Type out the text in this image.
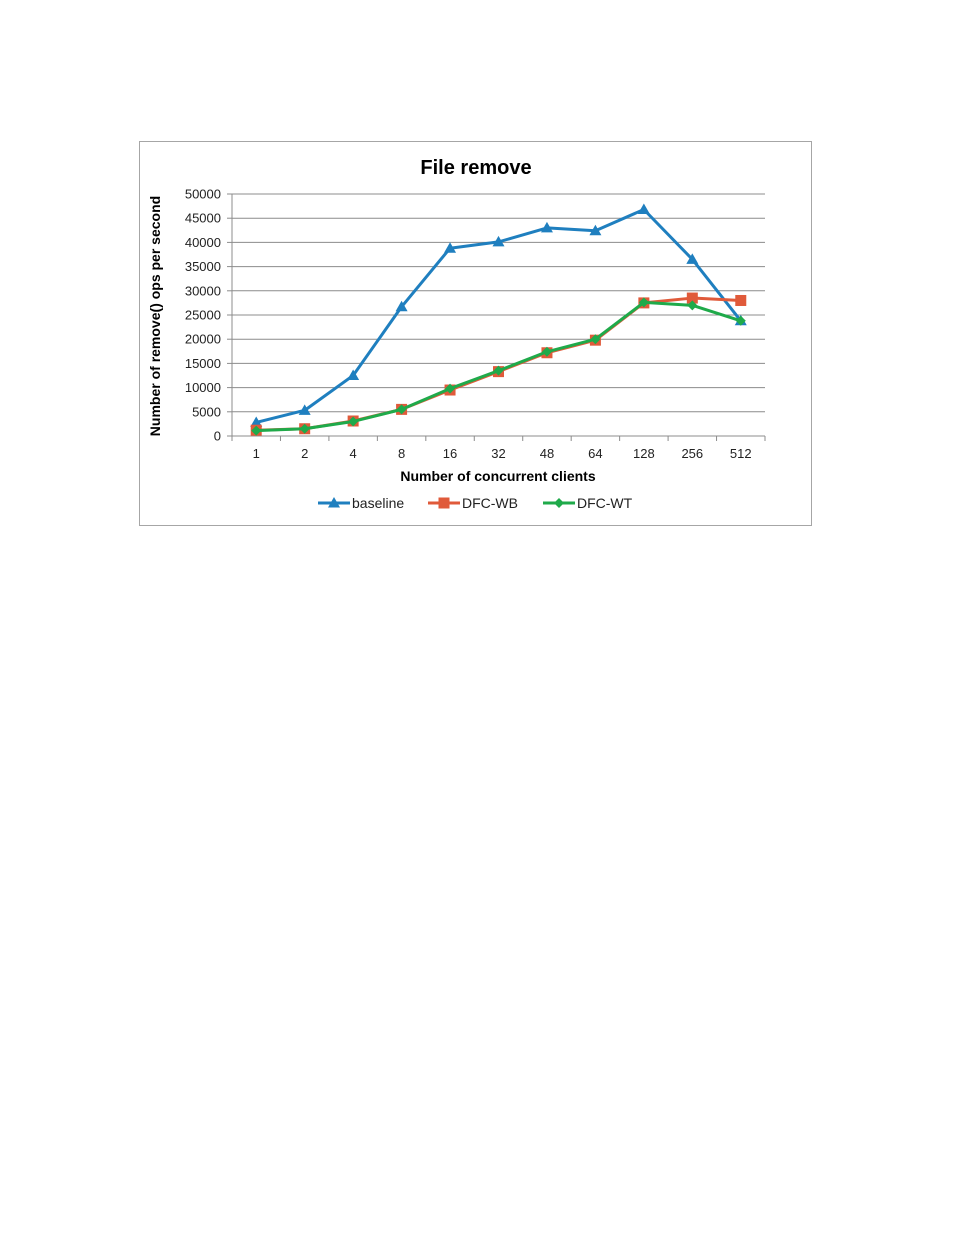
File remove
0
5000
10000
15000
20000
25000
30000
35000
40000
45000
50000
1	2	4	8	16	32	48	64 128 256 512
Number of concurrent clients
Number of remove() ops per second
baseline	DFC-WB	DFC-WT
